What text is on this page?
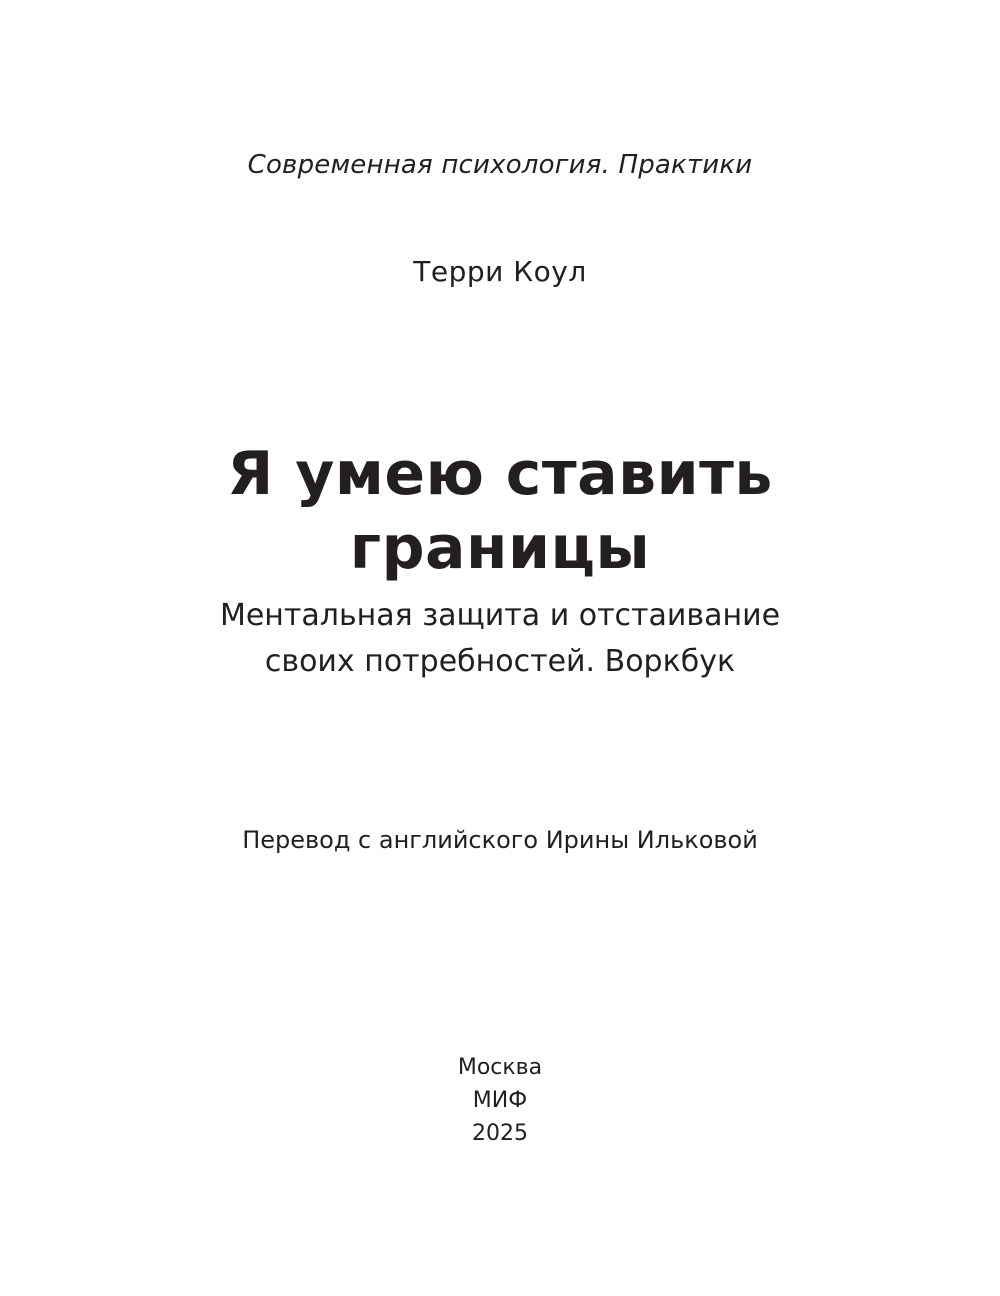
Современная психология. Практики
Терри Коул
Я умею ставить
границы
Ментальная защита и отстаивание
своих потребностей. Воркбук
Перевод с английского Ирины Ильковой
Москва
МИФ
2025
